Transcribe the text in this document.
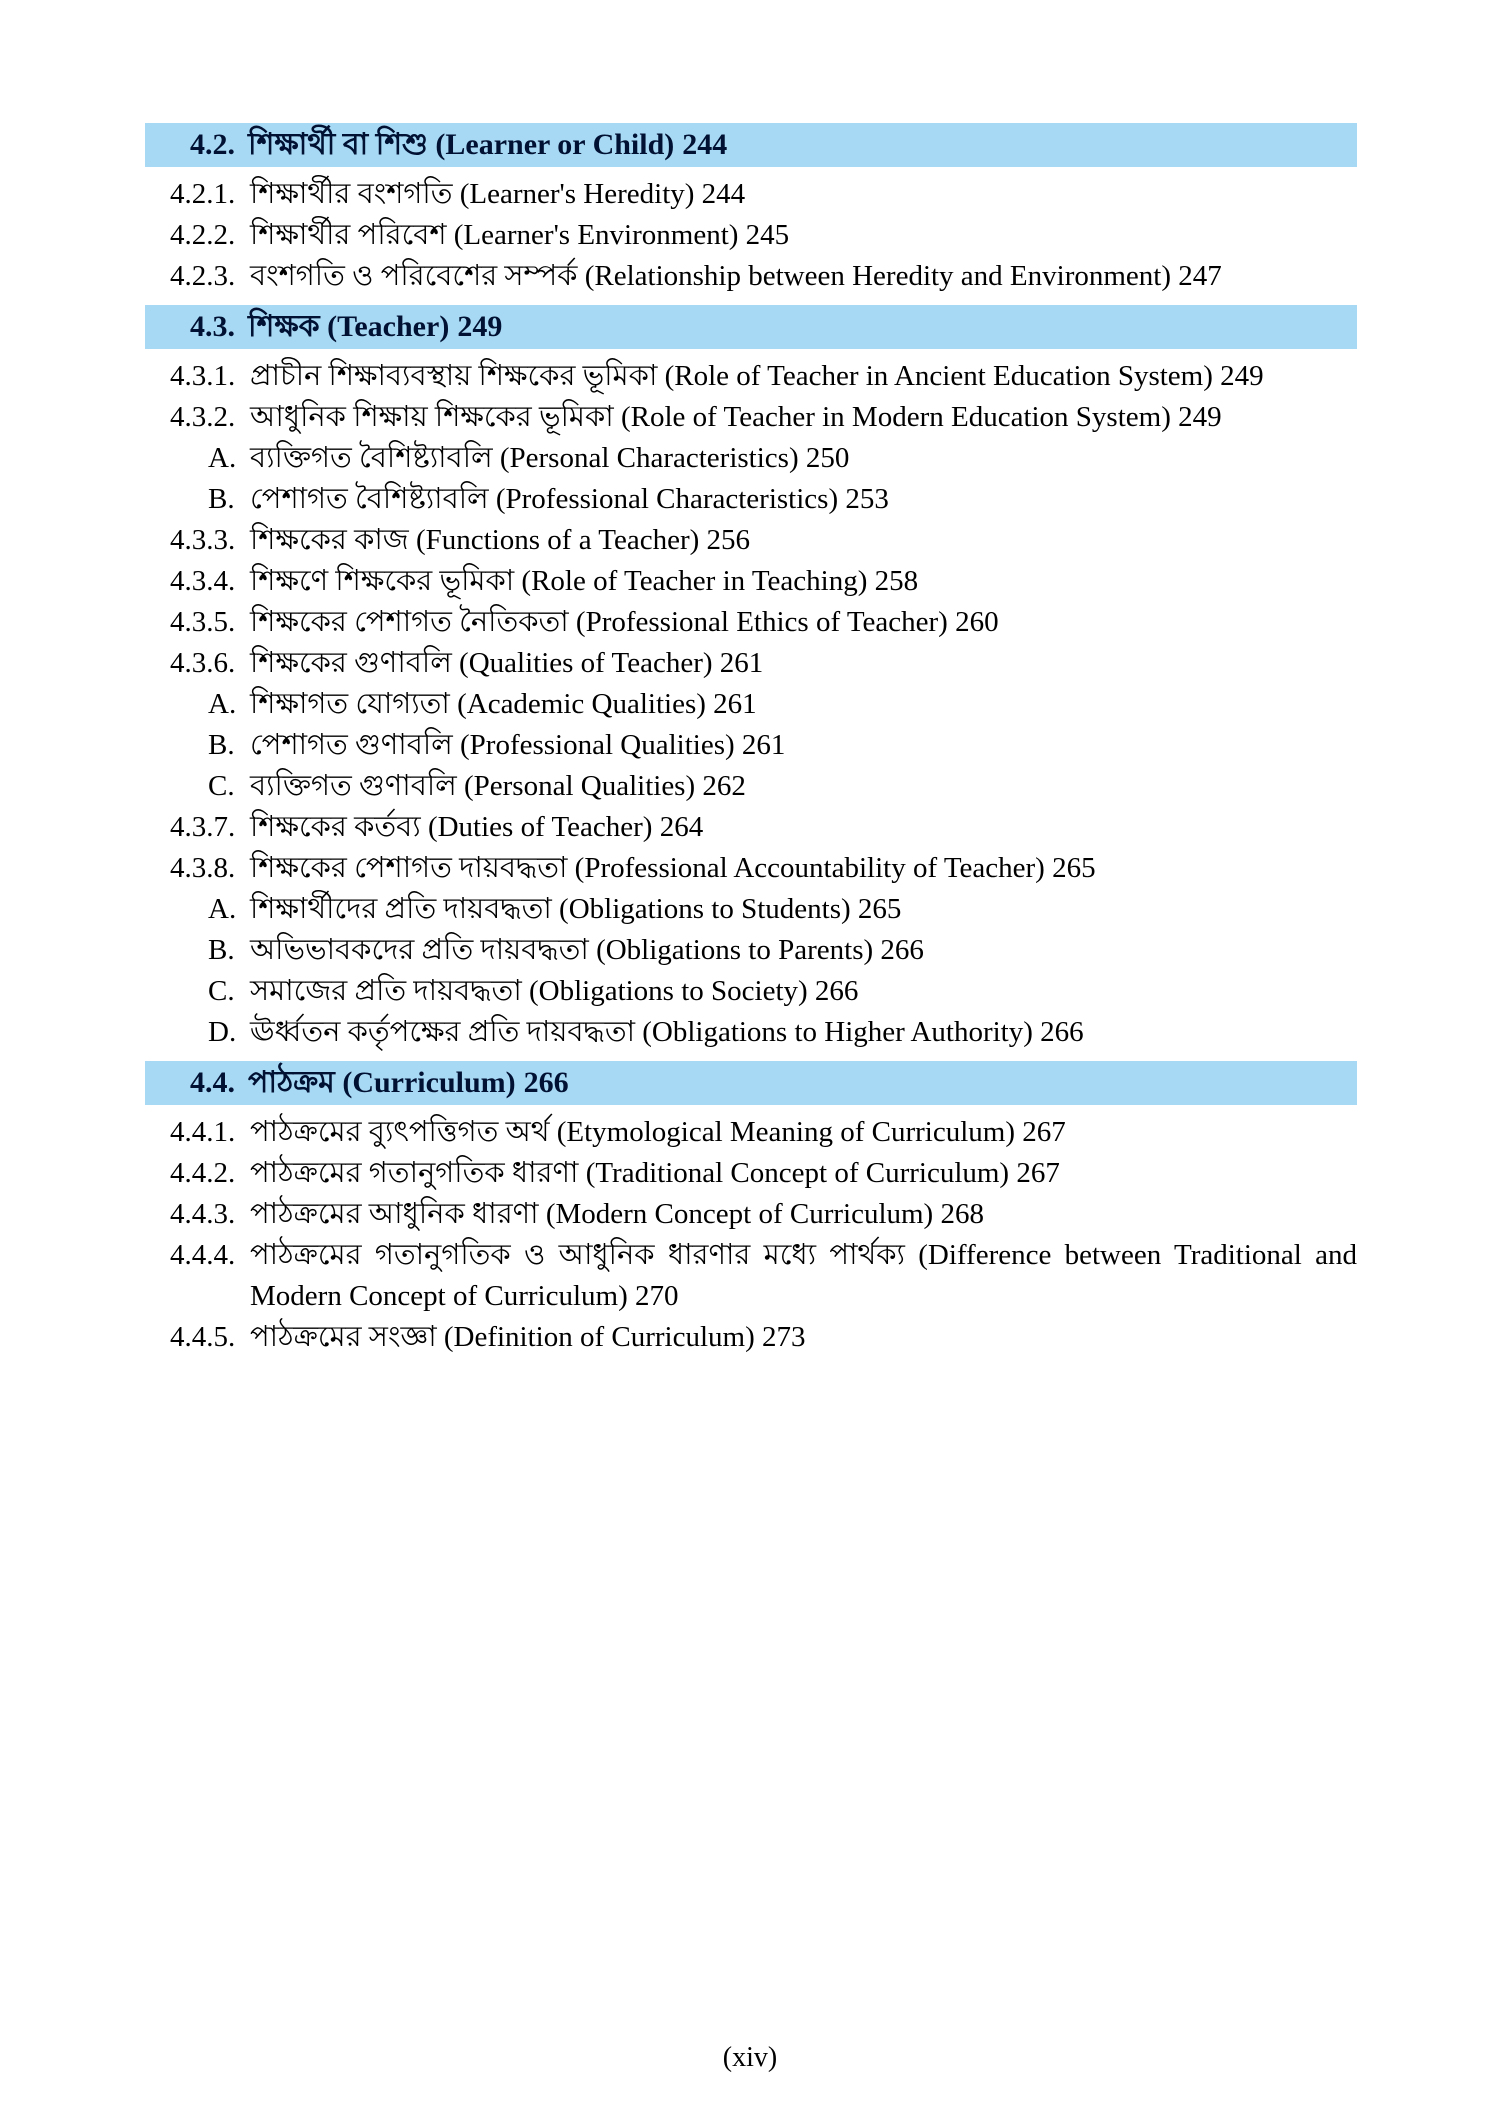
4.2. শিক্ষার্থী বা শিশু (Learner or Child) 244
4.2.1. শিক্ষার্থীর বংশগতি (Learner's Heredity) 244
4.2.2. শিক্ষার্থীর পরিবেশ (Learner's Environment) 245
4.2.3. বংশগতি ও পরিবেশের সম্পর্ক (Relationship between Heredity and Environment) 247
4.3. শিক্ষক (Teacher) 249
4.3.1. প্রাচীন শিক্ষাব্যবস্থায় শিক্ষকের ভূমিকা (Role of Teacher in Ancient Education System) 249
4.3.2. আধুনিক শিক্ষায় শিক্ষকের ভূমিকা (Role of Teacher in Modern Education System) 249
A. ব্যক্তিগত বৈশিষ্ট্যাবলি (Personal Characteristics) 250
B. পেশাগত বৈশিষ্ট্যাবলি (Professional Characteristics) 253
4.3.3. শিক্ষকের কাজ (Functions of a Teacher) 256
4.3.4. শিক্ষণে শিক্ষকের ভূমিকা (Role of Teacher in Teaching) 258
4.3.5. শিক্ষকের পেশাগত নৈতিকতা (Professional Ethics of Teacher) 260
4.3.6. শিক্ষকের গুণাবলি (Qualities of Teacher) 261
A. শিক্ষাগত যোগ্যতা (Academic Qualities) 261
B. পেশাগত গুণাবলি (Professional Qualities) 261
C. ব্যক্তিগত গুণাবলি (Personal Qualities) 262
4.3.7. শিক্ষকের কর্তব্য (Duties of Teacher) 264
4.3.8. শিক্ষকের পেশাগত দায়বদ্ধতা (Professional Accountability of Teacher) 265
A. শিক্ষার্থীদের প্রতি দায়বদ্ধতা (Obligations to Students) 265
B. অভিভাবকদের প্রতি দায়বদ্ধতা (Obligations to Parents) 266
C. সমাজের প্রতি দায়বদ্ধতা (Obligations to Society) 266
D. ঊর্ধ্বতন কর্তৃপক্ষের প্রতি দায়বদ্ধতা (Obligations to Higher Authority) 266
4.4. পাঠক্রম (Curriculum) 266
4.4.1. পাঠক্রমের ব্যুৎপত্তিগত অর্থ (Etymological Meaning of Curriculum) 267
4.4.2. পাঠক্রমের গতানুগতিক ধারণা (Traditional Concept of Curriculum) 267
4.4.3. পাঠক্রমের আধুনিক ধারণা (Modern Concept of Curriculum) 268
4.4.4. পাঠক্রমের গতানুগতিক ও আধুনিক ধারণার মধ্যে পার্থক্য (Difference between Traditional and Modern Concept of Curriculum) 270
4.4.5. পাঠক্রমের সংজ্ঞা (Definition of Curriculum) 273
(xiv)
